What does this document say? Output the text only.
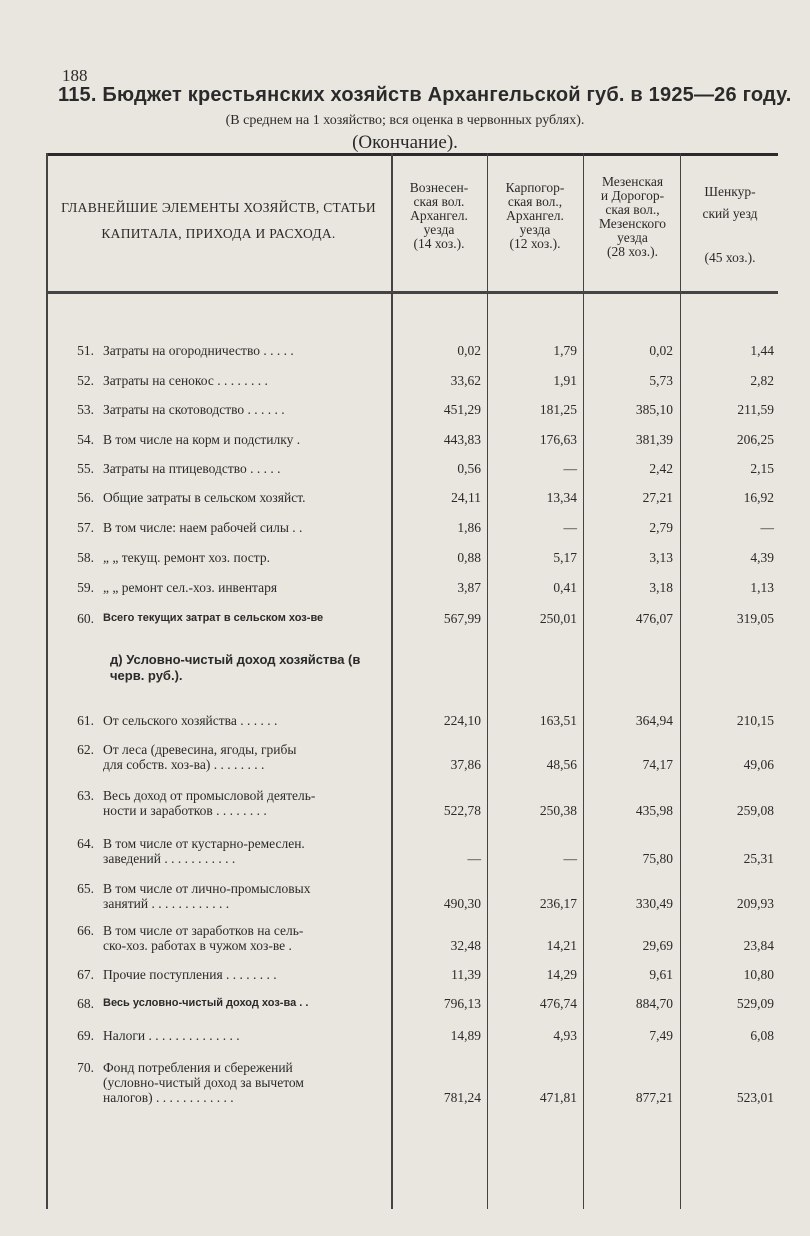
188
115. Бюджет крестьянских хозяйств Архангельской губ. в 1925—26 году.
(В среднем на 1 хозяйство; вся оценка в червонных рублях).
(Окончание).
ГЛАВНЕЙШИЕ ЭЛЕМЕНТЫ ХОЗЯЙСТВ, СТАТЬИ КАПИТАЛА, ПРИХОДА И РАСХОДА.
Вознесен-
ская вол.
Архангел.
уезда
(14 хоз.).
Карпогор-
ская вол.,
Архангел.
уезда
(12 хоз.).
Мезенская
и Дорогор-
ская вол.,
Мезенского
уезда
(28 хоз.).
Шенкур-
ский уезд

(45 хоз.).
д) Условно-чистый доход хозяйства (в черв. руб.).
51. Затраты на огородничество . . . . .	0,02	1,79	0,02	1,44
52. Затраты на сенокос . . . . . . . .	33,62	1,91	5,73	2,82
53. Затраты на скотоводство . . . . . .	451,29	181,25	385,10	211,59
54. В том числе на корм и подстилку .	443,83	176,63	381,39	206,25
55. Затраты на птицеводство . . . . .	0,56	—	2,42	2,15
56. Общие затраты в сельском хозяйст.	24,11	13,34	27,21	16,92
57. В том числе: наем рабочей силы . .	1,86	—	2,79	—
58. „ „ текущ. ремонт хоз. постр.	0,88	5,17	3,13	4,39
59. „ „ ремонт сел.-хоз. инвентаря	3,87	0,41	3,18	1,13
60. Всего текущих затрат в сельском хоз-ве	567,99	250,01	476,07	319,05
61. От сельского хозяйства . . . . . .	224,10	163,51	364,94	210,15
62. От леса (древесина, ягоды, грибы
для собств. хоз-ва) . . . . . . . .	37,86	48,56	74,17	49,06
63. Весь доход от промысловой деятель-
ности и заработков . . . . . . . .	522,78	250,38	435,98	259,08
64. В том числе от кустарно-ремеслен.
заведений . . . . . . . . . . .	—	—	75,80	25,31
65. В том числе от лично-промысловых
занятий . . . . . . . . . . . .	490,30	236,17	330,49	209,93
66. В том числе от заработков на сель-
ско-хоз. работах в чужом хоз-ве .	32,48	14,21	29,69	23,84
67. Прочие поступления . . . . . . . .	11,39	14,29	9,61	10,80
68. Весь условно-чистый доход хоз-ва . .	796,13	476,74	884,70	529,09
69. Налоги . . . . . . . . . . . . . .	14,89	4,93	7,49	6,08
70. Фонд потребления и сбережений
(условно-чистый доход за вычетом
налогов) . . . . . . . . . . . .	781,24	471,81	877,21	523,01
